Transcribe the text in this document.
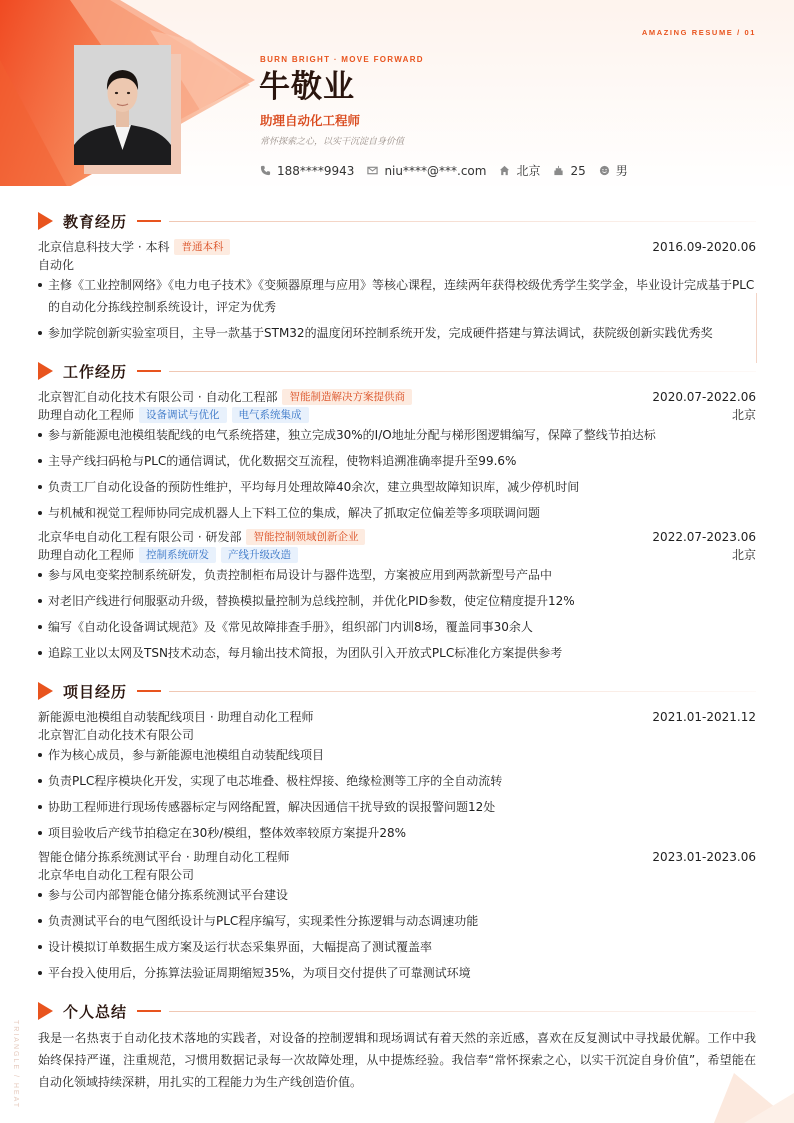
AMAZING RESUME / 01
BURN BRIGHT · MOVE FORWARD
牛敬业
助理自动化工程师
常怀探索之心，以实干沉淀自身价值
188****9943	niu****@***.com	北京	25	男
教育经历
北京信息科技大学 · 本科	普通本科	2016.09-2020.06
自动化
主修《工业控制网络》《电力电子技术》《变频器原理与应用》等核心课程，连续两年获得校级优秀学生奖学金，毕业设计完成基于PLC的自动化分拣线控制系统设计，评定为优秀
参加学院创新实验室项目，主导一款基于STM32的温度闭环控制系统开发，完成硬件搭建与算法调试，获院级创新实践优秀奖
工作经历
北京智汇自动化技术有限公司 · 自动化工程部	智能制造解决方案提供商	2020.07-2022.06
助理自动化工程师	设备调试与优化	电气系统集成	北京
参与新能源电池模组装配线的电气系统搭建，独立完成30%的I/O地址分配与梯形图逻辑编写，保障了整线节拍达标
主导产线扫码枪与PLC的通信调试，优化数据交互流程，使物料追溯准确率提升至99.6%
负责工厂自动化设备的预防性维护，平均每月处理故障40余次，建立典型故障知识库，减少停机时间
与机械和视觉工程师协同完成机器人上下料工位的集成，解决了抓取定位偏差等多项联调问题
北京华电自动化工程有限公司 · 研发部	智能控制领域创新企业	2022.07-2023.06
助理自动化工程师	控制系统研发	产线升级改造	北京
参与风电变桨控制系统研发，负责控制柜布局设计与器件选型，方案被应用到两款新型号产品中
对老旧产线进行伺服驱动升级，替换模拟量控制为总线控制，并优化PID参数，使定位精度提升12%
编写《自动化设备调试规范》及《常见故障排查手册》，组织部门内训8场，覆盖同事30余人
追踪工业以太网及TSN技术动态，每月输出技术简报，为团队引入开放式PLC标准化方案提供参考
项目经历
新能源电池模组自动装配线项目 · 助理自动化工程师	2021.01-2021.12
北京智汇自动化技术有限公司
作为核心成员，参与新能源电池模组自动装配线项目
负责PLC程序模块化开发，实现了电芯堆叠、极柱焊接、绝缘检测等工序的全自动流转
协助工程师进行现场传感器标定与网络配置，解决因通信干扰导致的误报警问题12处
项目验收后产线节拍稳定在30秒/模组，整体效率较原方案提升28%
智能仓储分拣系统测试平台 · 助理自动化工程师	2023.01-2023.06
北京华电自动化工程有限公司
参与公司内部智能仓储分拣系统测试平台建设
负责测试平台的电气图纸设计与PLC程序编写，实现柔性分拣逻辑与动态调速功能
设计模拟订单数据生成方案及运行状态采集界面，大幅提高了测试覆盖率
平台投入使用后，分拣算法验证周期缩短35%，为项目交付提供了可靠测试环境
个人总结
我是一名热衷于自动化技术落地的实践者，对设备的控制逻辑和现场调试有着天然的亲近感，喜欢在反复测试中寻找最优解。工作中我始终保持严谨，注重规范，习惯用数据记录每一次故障处理，从中提炼经验。我信奉“常怀探索之心，以实干沉淀自身价值”，希望能在自动化领域持续深耕，用扎实的工程能力为生产线创造价值。
TRIANGLE / HEAT
